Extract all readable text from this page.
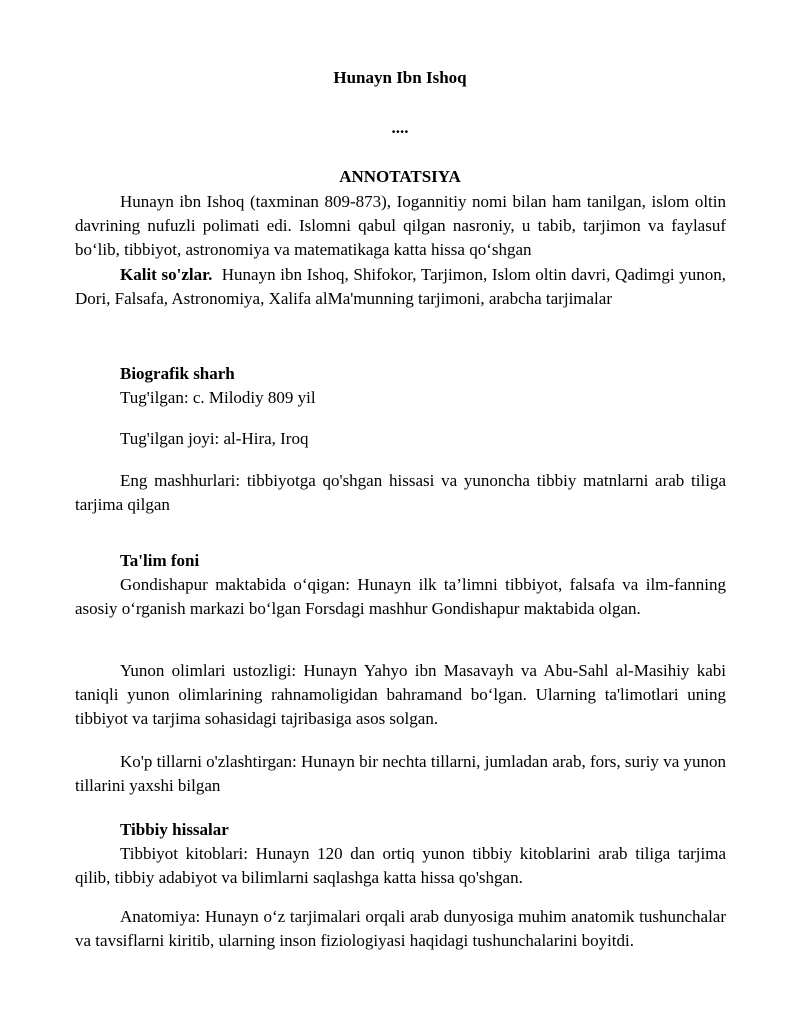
Hunayn Ibn Ishoq
....
ANNOTATSIYA

Hunayn ibn Ishoq (taxminan 809-873), Iogannitiy nomi bilan ham tanilgan, islom oltin davrining nufuzli polimati edi. Islomni qabul qilgan nasroniy, u tabib, tarjimon va faylasuf bo‘lib, tibbiyot, astronomiya va matematikaga katta hissa qo‘shgan

Kalit so'zlar. Hunayn ibn Ishoq, Shifokor, Tarjimon, Islom oltin davri, Qadimgi yunon, Dori, Falsafa, Astronomiya, Xalifa alMa'munning tarjimoni, arabcha tarjimalar

Biografik sharh
Tug'ilgan: c. Milodiy 809 yil
Tug'ilgan joyi: al-Hira, Iroq

Eng mashhurlari: tibbiyotga qo'shgan hissasi va yunoncha tibbiy matnlarni arab tiliga tarjima qilgan

Ta'lim foni

Gondishapur maktabida o‘qigan: Hunayn ilk ta’limni tibbiyot, falsafa va ilm-fanning asosiy o‘rganish markazi bo‘lgan Forsdagi mashhur Gondishapur maktabida olgan.

Yunon olimlari ustozligi: Hunayn Yahyo ibn Masavayh va Abu-Sahl al-Masihiy kabi taniqli yunon olimlarining rahnamoligidan bahramand bo‘lgan. Ularning ta'limotlari uning tibbiyot va tarjima sohasidagi tajribasiga asos solgan.

Ko'p tillarni o'zlashtirgan: Hunayn bir nechta tillarni, jumladan arab, fors, suriy va yunon tillarini yaxshi bilgan

Tibbiy hissalar

Tibbiyot kitoblari: Hunayn 120 dan ortiq yunon tibbiy kitoblarini arab tiliga tarjima qilib, tibbiy adabiyot va bilimlarni saqlashga katta hissa qo'shgan.

Anatomiya: Hunayn o‘z tarjimalari orqali arab dunyosiga muhim anatomik tushunchalar va tavsiflarni kiritib, ularning inson fiziologiyasi haqidagi tushunchalarini boyitdi.
